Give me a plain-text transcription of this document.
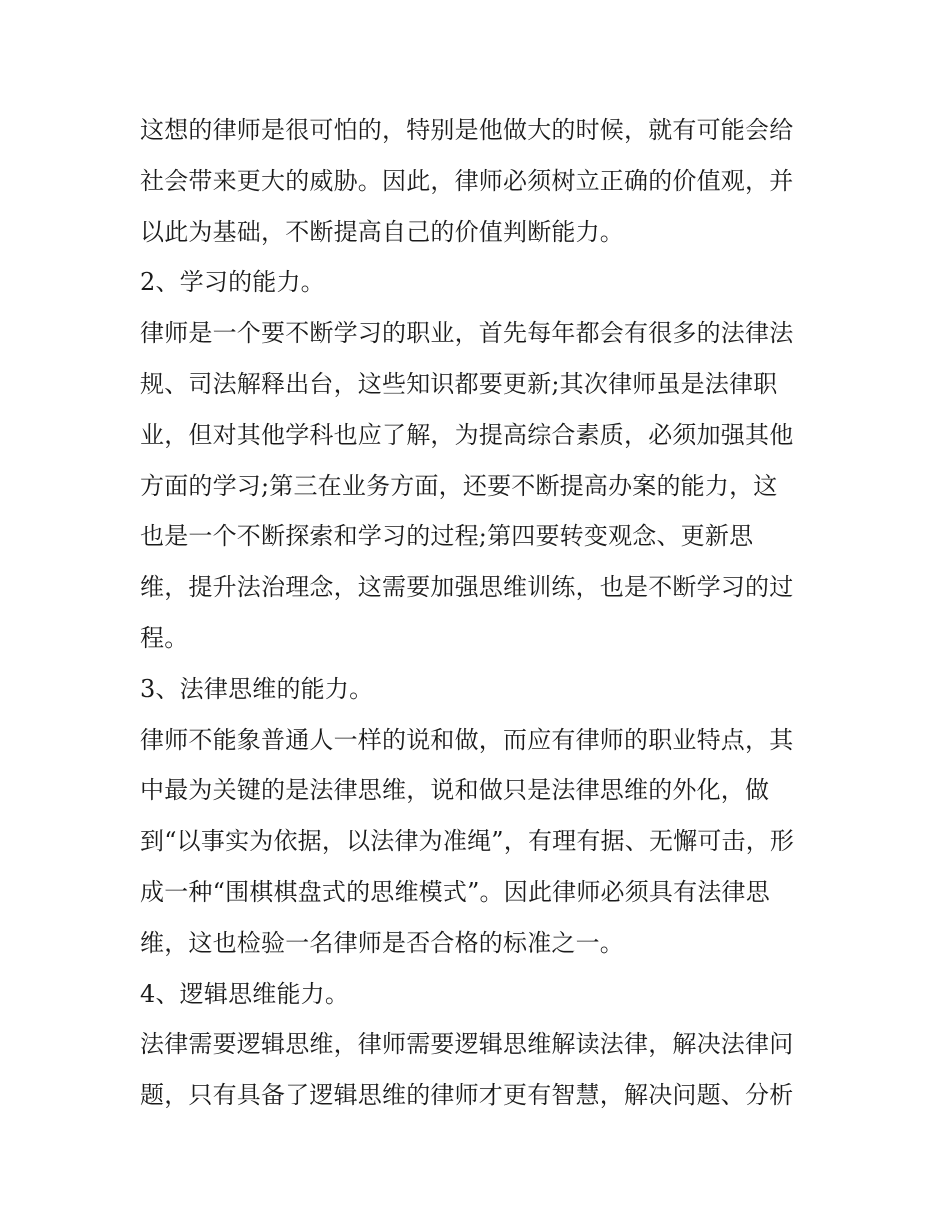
这想的律师是很可怕的，特别是他做大的时候，就有可能会给
社会带来更大的威胁。因此，律师必须树立正确的价值观，并
以此为基础，不断提高自己的价值判断能力。
2、学习的能力。
律师是一个要不断学习的职业，首先每年都会有很多的法律法
规、司法解释出台，这些知识都要更新;其次律师虽是法律职
业，但对其他学科也应了解，为提高综合素质，必须加强其他
方面的学习;第三在业务方面，还要不断提高办案的能力，这
也是一个不断探索和学习的过程;第四要转变观念、更新思
维，提升法治理念，这需要加强思维训练，也是不断学习的过
程。
3、法律思维的能力。
律师不能象普通人一样的说和做，而应有律师的职业特点，其
中最为关键的是法律思维，说和做只是法律思维的外化，做
到“以事实为依据，以法律为准绳”，有理有据、无懈可击，形
成一种“围棋棋盘式的思维模式”。因此律师必须具有法律思
维，这也检验一名律师是否合格的标准之一。
4、逻辑思维能力。
法律需要逻辑思维，律师需要逻辑思维解读法律，解决法律问
题，只有具备了逻辑思维的律师才更有智慧，解决问题、分析
